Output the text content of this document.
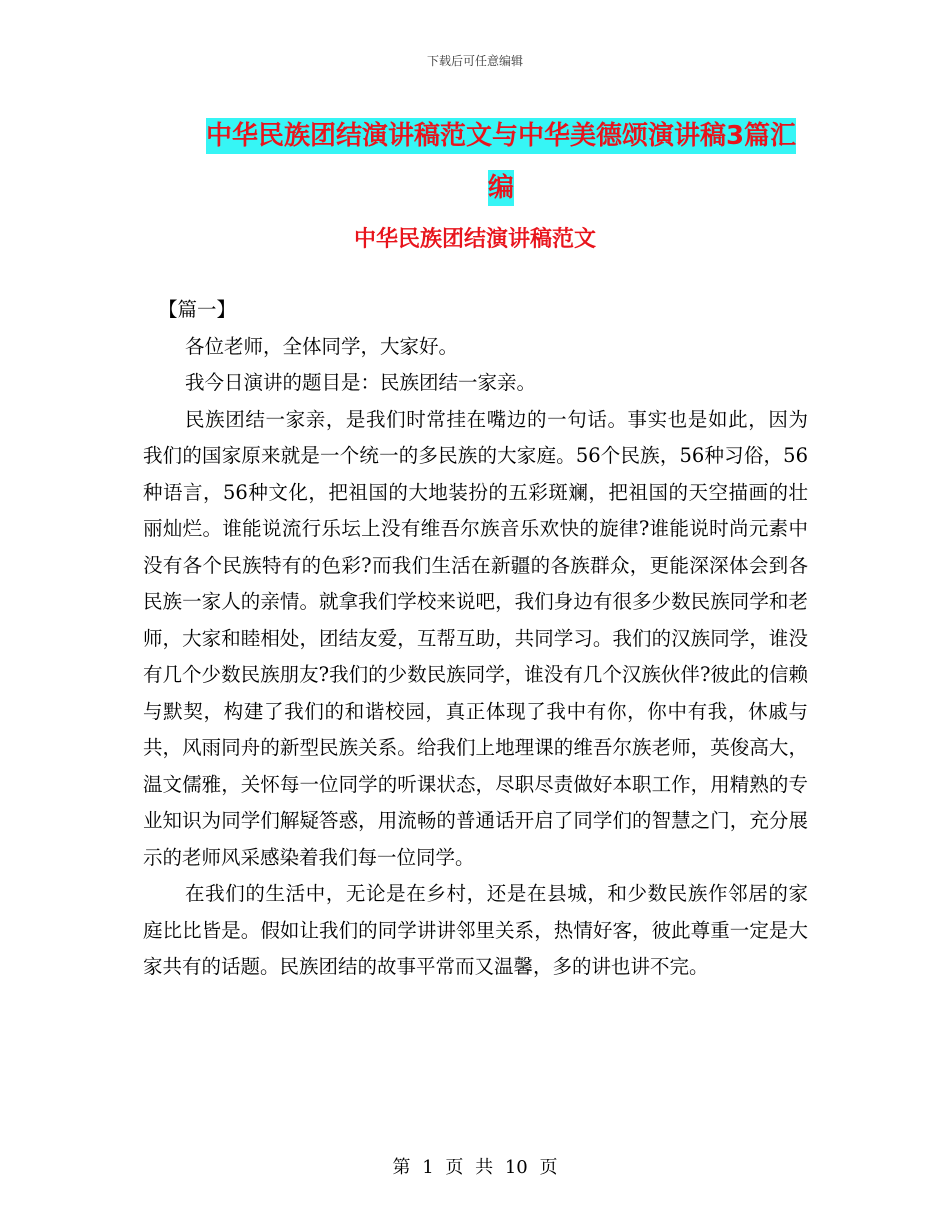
下载后可任意编辑
中华民族团结演讲稿范文与中华美德颂演讲稿3篇汇编
中华民族团结演讲稿范文

【篇一】

各位老师，全体同学，大家好。

我今日演讲的题目是：民族团结一家亲。

民族团结一家亲，是我们时常挂在嘴边的一句话。事实也是如此，因为我们的国家原来就是一个统一的多民族的大家庭。56个民族，56种习俗，56种语言，56种文化，把祖国的大地装扮的五彩斑斓，把祖国的天空描画的壮丽灿烂。谁能说流行乐坛上没有维吾尔族音乐欢快的旋律?谁能说时尚元素中没有各个民族特有的色彩?而我们生活在新疆的各族群众，更能深深体会到各民族一家人的亲情。就拿我们学校来说吧，我们身边有很多少数民族同学和老师，大家和睦相处，团结友爱，互帮互助，共同学习。我们的汉族同学，谁没有几个少数民族朋友?我们的少数民族同学，谁没有几个汉族伙伴?彼此的信赖与默契，构建了我们的和谐校园，真正体现了我中有你，你中有我，休戚与共，风雨同舟的新型民族关系。给我们上地理课的维吾尔族老师，英俊高大，温文儒雅，关怀每一位同学的听课状态，尽职尽责做好本职工作，用精熟的专业知识为同学们解疑答惑，用流畅的普通话开启了同学们的智慧之门，充分展示的老师风采感染着我们每一位同学。

在我们的生活中，无论是在乡村，还是在县城，和少数民族作邻居的家庭比比皆是。假如让我们的同学讲讲邻里关系，热情好客，彼此尊重一定是大家共有的话题。民族团结的故事平常而又温馨，多的讲也讲不完。

第 1 页 共 10 页
